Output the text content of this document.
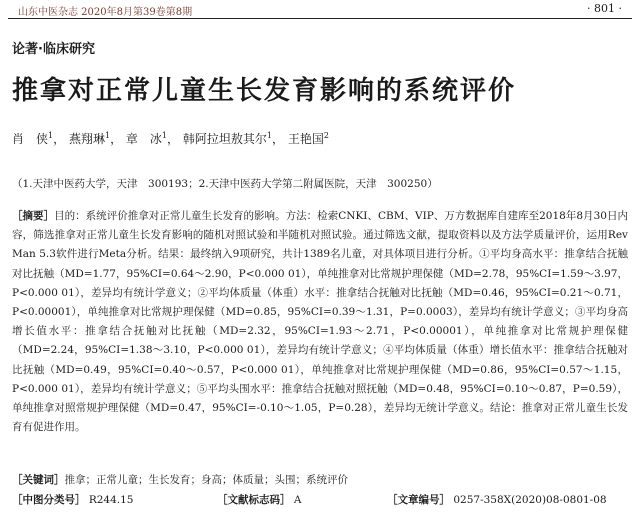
山东中医杂志 2020年8月第39卷第8期	· 801 ·
论著·临床研究
推拿对正常儿童生长发育影响的系统评价
肖　侠$^1$， 燕翔琳$^1$， 章　冰$^1$， 韩阿拉坦敖其尔$^1$， 王艳国$^2$
（1.天津中医药大学，天津　300193；2.天津中医药大学第二附属医院，天津　300250）
［摘要］目的：系统评价推拿对正常儿童生长发育的影响。方法：检索CNKI、CBM、VIP、万方数据库自建库至2018年8月30日内容，筛选推拿对正常儿童生长发育影响的随机对照试验和半随机对照试验。通过筛选文献，提取资料以及方法学质量评价，运用Rev Man 5.3软件进行Meta分析。结果：最终纳入9项研究，共计1389名儿童，对具体项目进行分析。①平均身高水平：推拿结合抚触对比抚触（MD=1.77，95%CI=0.64～2.90，P<0.000 01），单纯推拿对比常规护理保健（MD=2.78，95%CI=1.59～3.97，P<0.000 01），差异均有统计学意义；②平均体质量（体重）水平：推拿结合抚触对比抚触（MD=0.46，95%CI=0.21～0.71，P<0.00001），单纯推拿对比常规护理保健（MD=0.85，95%CI=0.39～1.31，P=0.0003），差异均有统计学意义；③平均身高增长值水平：推拿结合抚触对比抚触（MD=2.32，95%CI=1.93～2.71，P<0.00001），单纯推拿对比常规护理保健（MD=2.24，95%CI=1.38～3.10，P<0.000 01），差异均有统计学意义；④平均体质量（体重）增长值水平：推拿结合抚触对比抚触（MD=0.49，95%CI=0.40～0.57，P<0.000 01），单纯推拿对比常规护理保健（MD=0.86，95%CI=0.57～1.15，P<0.000 01），差异均有统计学意义；⑤平均头围水平：推拿结合抚触对照抚触（MD=0.48，95%CI=0.10～0.87，P=0.59），单纯推拿对照常规护理保健（MD=0.47，95%CI=-0.10～1.05，P=0.28），差异均无统计学意义。结论：推拿对正常儿童生长发育有促进作用。
［关键词］推拿；正常儿童；生长发育；身高；体质量；头围；系统评价
［中图分类号］ R244.15	［文献标志码］ A	［文章编号］ 0257-358X(2020)08-0801-08
